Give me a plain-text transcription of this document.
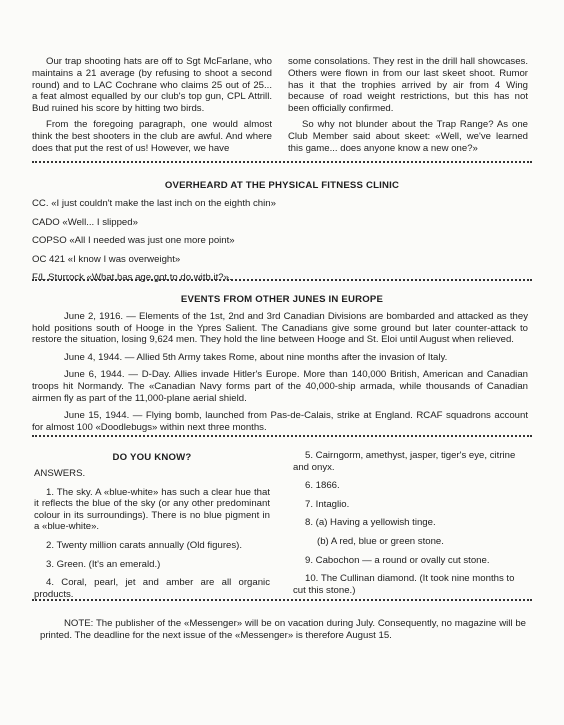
Our trap shooting hats are off to Sgt McFarlane, who maintains a 21 average (by refusing to shoot a second round) and to LAC Cochrane who claims 25 out of 25... a feat almost equalled by our club's top gun, CPL Attrill. Bud ruined his score by hitting two birds.

From the foregoing paragraph, one would almost think the best shooters in the club are awful. And where does that put the rest of us! However, we have

some consolations. They rest in the drill hall showcases. Others were flown in from our last skeet shoot. Rumor has it that the trophies arrived by air from 4 Wing because of road weight restrictions, but this has not been officially confirmed.

So why not blunder about the Trap Range? As one Club Member said about skeet: «Well, we've learned this game... does anyone know a new one?»

OVERHEARD AT THE PHYSICAL FITNESS CLINIC

CC. «I just couldn't make the last inch on the eighth chin»

CADO «Well... I slipped»

COPSO «All I needed was just one more point»

OC 421 «I know I was overweight»

F/L Sturrock «What has age got to do with it?».

EVENTS FROM OTHER JUNES IN EUROPE

June 2, 1916. — Elements of the 1st, 2nd and 3rd Canadian Divisions are bombarded and attacked as they hold positions south of Hooge in the Ypres Salient. The Canadians give some ground but later counter-attack to restore the situation, losing 9,624 men. They hold the line between Hooge and St. Eloi until August when relieved.

June 4, 1944. — Allied 5th Army takes Rome, about nine months after the invasion of Italy.

June 6, 1944. — D-Day. Allies invade Hitler's Europe. More than 140,000 British, American and Canadian troops hit Normandy. The «Canadian Navy forms part of the 40,000-ship armada, while thousands of Canadian airmen fly as part of the 11,000-plane aerial shield.

June 15, 1944. — Flying bomb, launched from Pas-de-Calais, strike at England. RCAF squadrons account for almost 100 «Doodlebugs» within next three months.

DO YOU KNOW?

ANSWERS.

1. The sky. A «blue-white» has such a clear hue that it reflects the blue of the sky (or any other predominant colour in its surroundings). There is no blue pigment in a «blue-white».

2. Twenty million carats annually (Old figures).

3. Green. (It's an emerald.)

4. Coral, pearl, jet and amber are all organic products.

5. Cairngorm, amethyst, jasper, tiger's eye, citrine and onyx.

6. 1866.

7. Intaglio.

8. (a) Having a yellowish tinge.

(b) A red, blue or green stone.

9. Cabochon — a round or ovally cut stone.

10. The Cullinan diamond. (It took nine months to cut this stone.)

NOTE: The publisher of the «Messenger» will be on vacation during July. Consequently, no magazine will be printed. The deadline for the next issue of the «Messenger» is therefore August 15.
